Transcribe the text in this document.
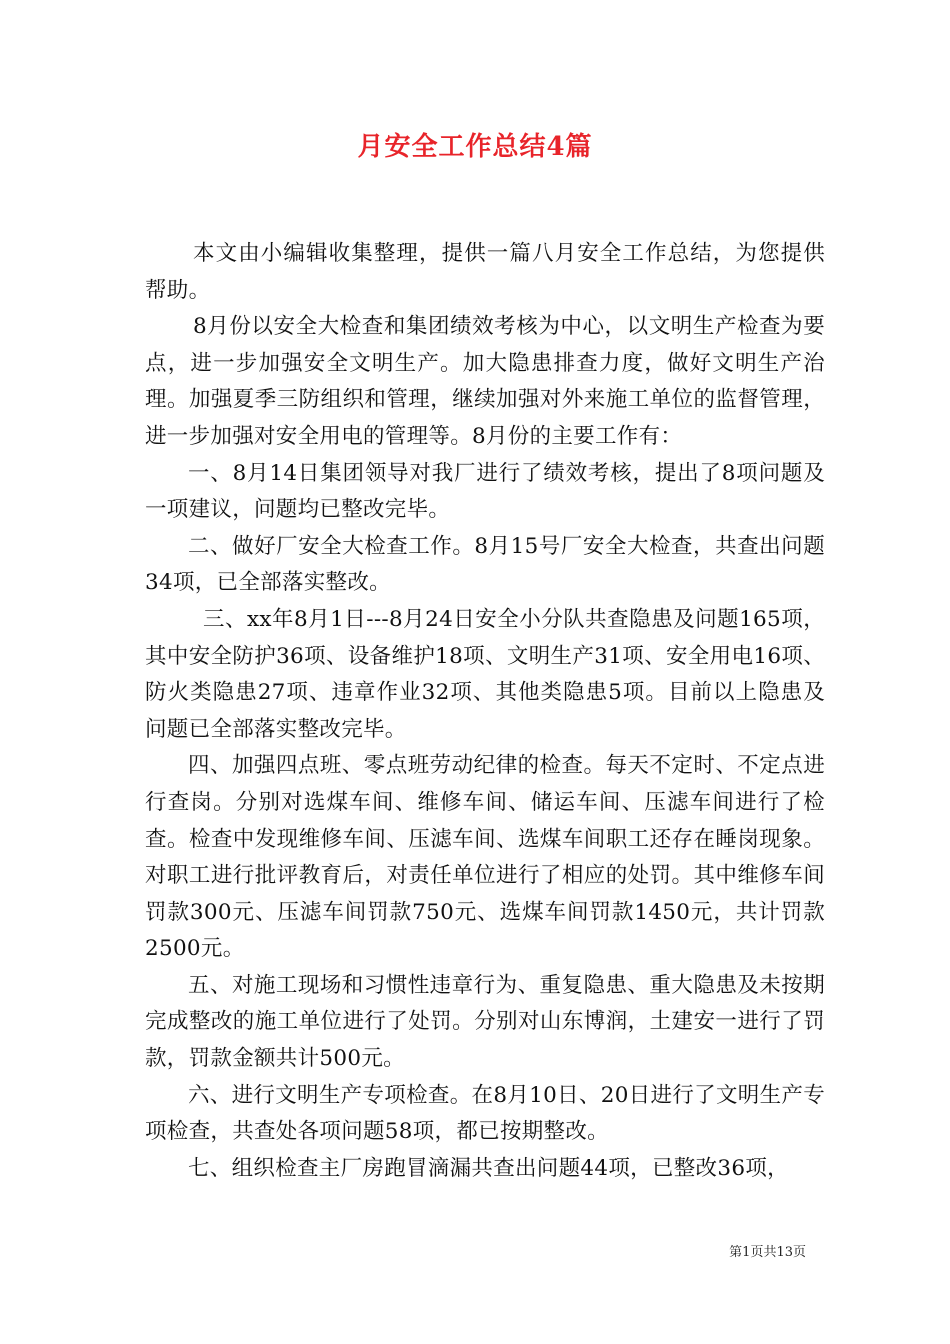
月安全工作总结4篇

本文由小编辑收集整理，提供一篇八月安全工作总结，为您提供帮助。

8月份以安全大检查和集团绩效考核为中心，以文明生产检查为要点，进一步加强安全文明生产。加大隐患排查力度，做好文明生产治理。加强夏季三防组织和管理，继续加强对外来施工单位的监督管理，进一步加强对安全用电的管理等。8月份的主要工作有：

一、8月14日集团领导对我厂进行了绩效考核，提出了8项问题及一项建议，问题均已整改完毕。

二、做好厂安全大检查工作。8月15号厂安全大检查，共查出问题34项，已全部落实整改。

三、xx年8月1日---8月24日安全小分队共查隐患及问题165项，其中安全防护36项、设备维护18项、文明生产31项、安全用电16项、防火类隐患27项、违章作业32项、其他类隐患5项。目前以上隐患及问题已全部落实整改完毕。

四、加强四点班、零点班劳动纪律的检查。每天不定时、不定点进行查岗。分别对选煤车间、维修车间、储运车间、压滤车间进行了检查。检查中发现维修车间、压滤车间、选煤车间职工还存在睡岗现象。对职工进行批评教育后，对责任单位进行了相应的处罚。其中维修车间罚款300元、压滤车间罚款750元、选煤车间罚款1450元，共计罚款2500元。

五、对施工现场和习惯性违章行为、重复隐患、重大隐患及未按期完成整改的施工单位进行了处罚。分别对山东博润，土建安一进行了罚款，罚款金额共计500元。

六、进行文明生产专项检查。在8月10日、20日进行了文明生产专项检查，共查处各项问题58项，都已按期整改。

七、组织检查主厂房跑冒滴漏共查出问题44项，已整改36项，

第1页共13页
